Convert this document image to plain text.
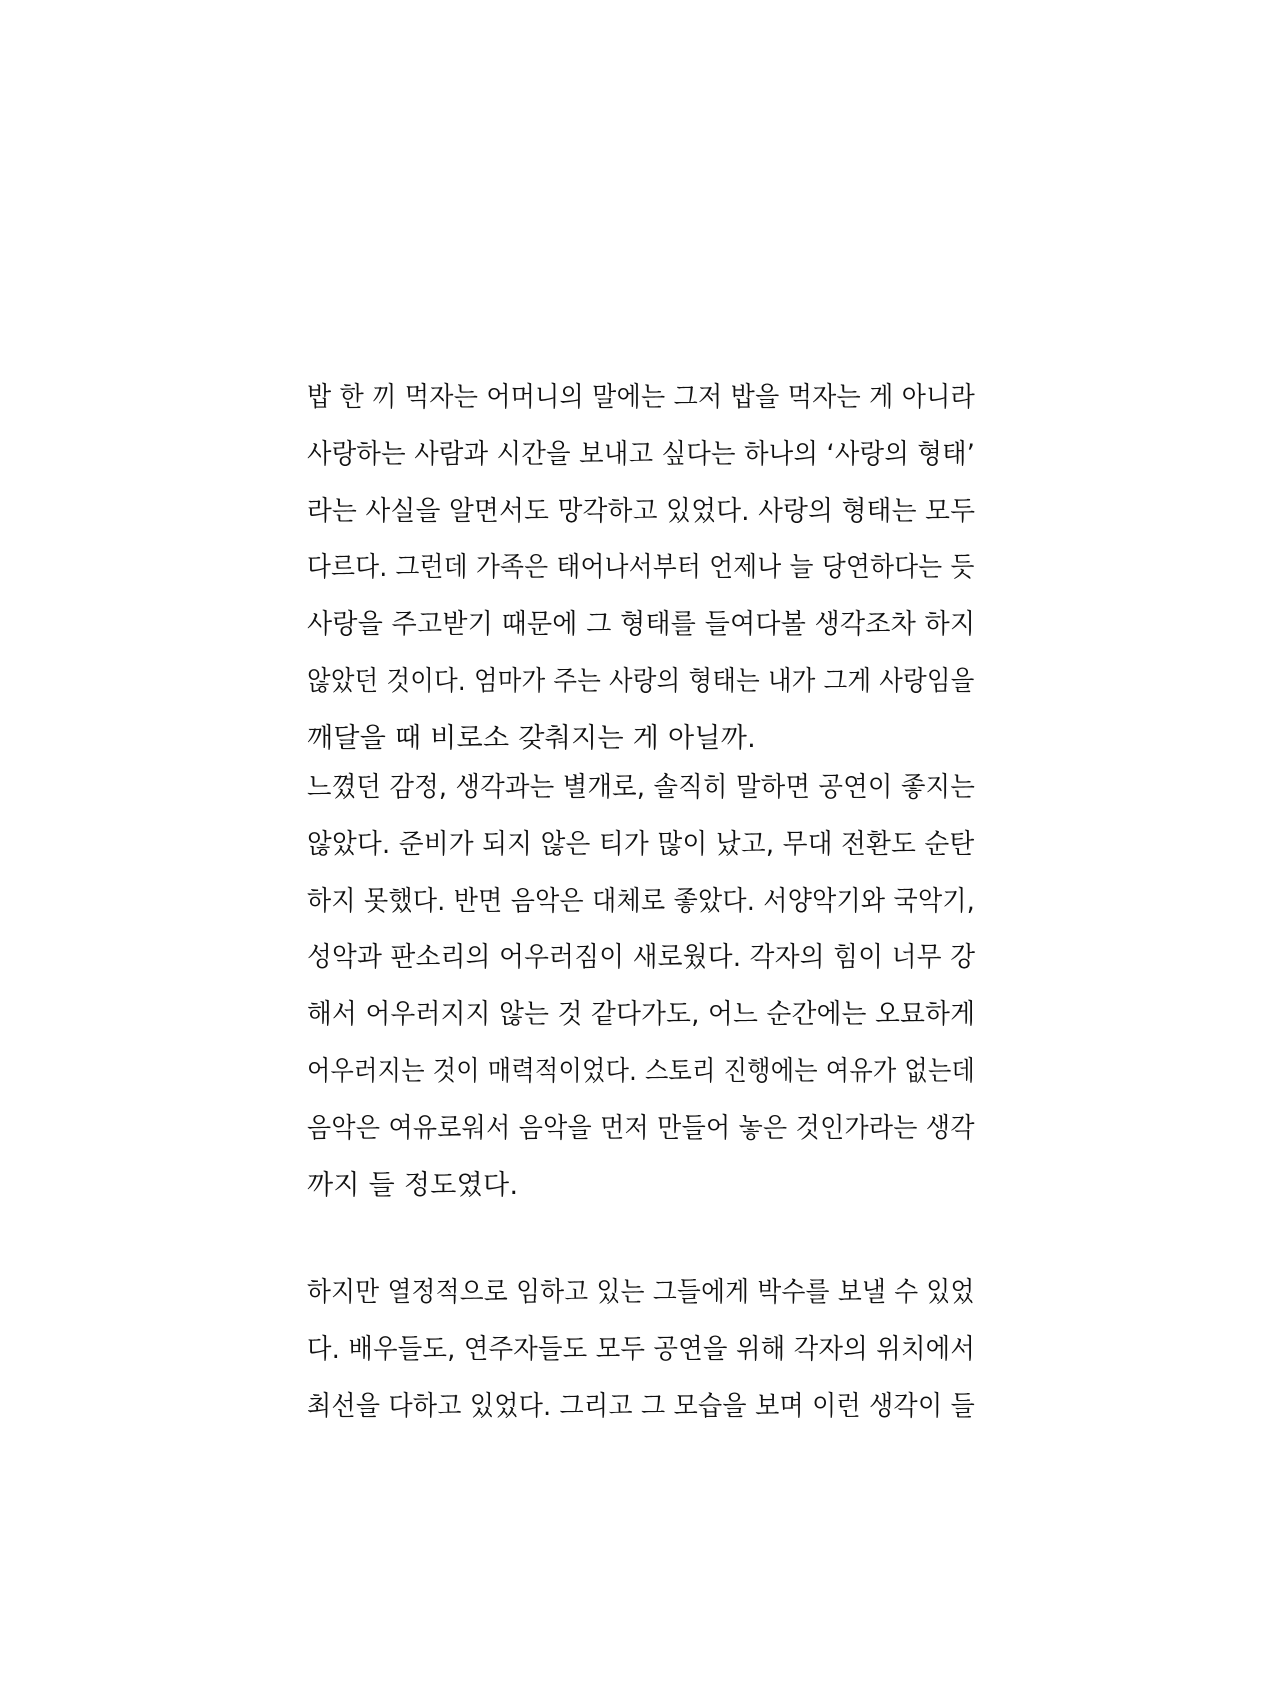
밥 한 끼 먹자는 어머니의 말에는 그저 밥을 먹자는 게 아니라
사랑하는 사람과 시간을 보내고 싶다는 하나의 ‘사랑의 형태’
라는 사실을 알면서도 망각하고 있었다. 사랑의 형태는 모두
다르다. 그런데 가족은 태어나서부터 언제나 늘 당연하다는 듯
사랑을 주고받기 때문에 그 형태를 들여다볼 생각조차 하지
않았던 것이다. 엄마가 주는 사랑의 형태는 내가 그게 사랑임을
깨달을 때 비로소 갖춰지는 게 아닐까.
느꼈던 감정, 생각과는 별개로, 솔직히 말하면 공연이 좋지는
않았다. 준비가 되지 않은 티가 많이 났고, 무대 전환도 순탄
하지 못했다. 반면 음악은 대체로 좋았다. 서양악기와 국악기,
성악과 판소리의 어우러짐이 새로웠다. 각자의 힘이 너무 강
해서 어우러지지 않는 것 같다가도, 어느 순간에는 오묘하게
어우러지는 것이 매력적이었다. 스토리 진행에는 여유가 없는데
음악은 여유로워서 음악을 먼저 만들어 놓은 것인가라는 생각
까지 들 정도였다.
하지만 열정적으로 임하고 있는 그들에게 박수를 보낼 수 있었
다. 배우들도, 연주자들도 모두 공연을 위해 각자의 위치에서
최선을 다하고 있었다. 그리고 그 모습을 보며 이런 생각이 들
